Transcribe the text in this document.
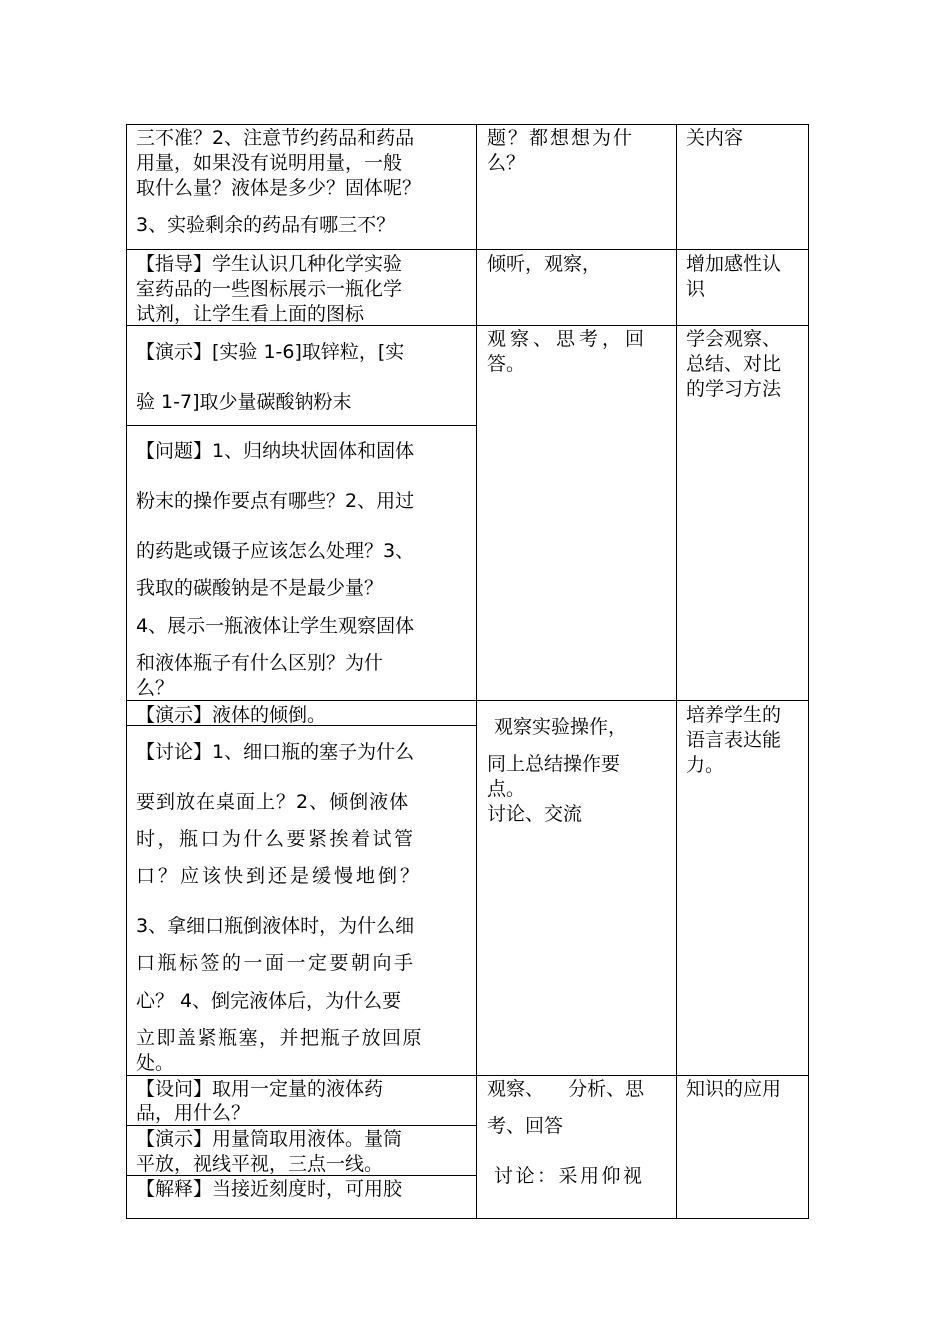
三不准？2、注意节约药品和药品
用量，如果没有说明用量，一般
取什么量？液体是多少？固体呢？
3、实验剩余的药品有哪三不？
题？都想想为什
么？
关内容
【指导】学生认识几种化学实验
室药品的一些图标展示一瓶化学
试剂，让学生看上面的图标
倾听，观察，	增加感性认
识
【演示】[实验 1-6]取锌粒，[实
验 1-7]取少量碳酸钠粉末
【问题】1、归纳块状固体和固体
粉末的操作要点有哪些？2、用过
的药匙或镊子应该怎么处理？3、
我取的碳酸钠是不是最少量？
4、展示一瓶液体让学生观察固体
和液体瓶子有什么区别？为什
么？
观察、思考，回
答。
学会观察、
总结、对比
的学习方法
【演示】液体的倾倒。
【讨论】1、细口瓶的塞子为什么
要到放在桌面上？2、倾倒液体
时，瓶口为什么要紧挨着试管
口？应该快到还是缓慢地倒？
3、拿细口瓶倒液体时，为什么细
口瓶标签的一面一定要朝向手
心？ 4、倒完液体后，为什么要
立即盖紧瓶塞，并把瓶子放回原
处。
观察实验操作，
同上总结操作要
点。
讨论、交流
培养学生的
语言表达能
力。
【设问】取用一定量的液体药
品，用什么？
【演示】用量筒取用液体。量筒
平放，视线平视，三点一线。
【解释】当接近刻度时，可用胶
观察、    分析、思
考、回答
讨论：采用仰视
知识的应用
